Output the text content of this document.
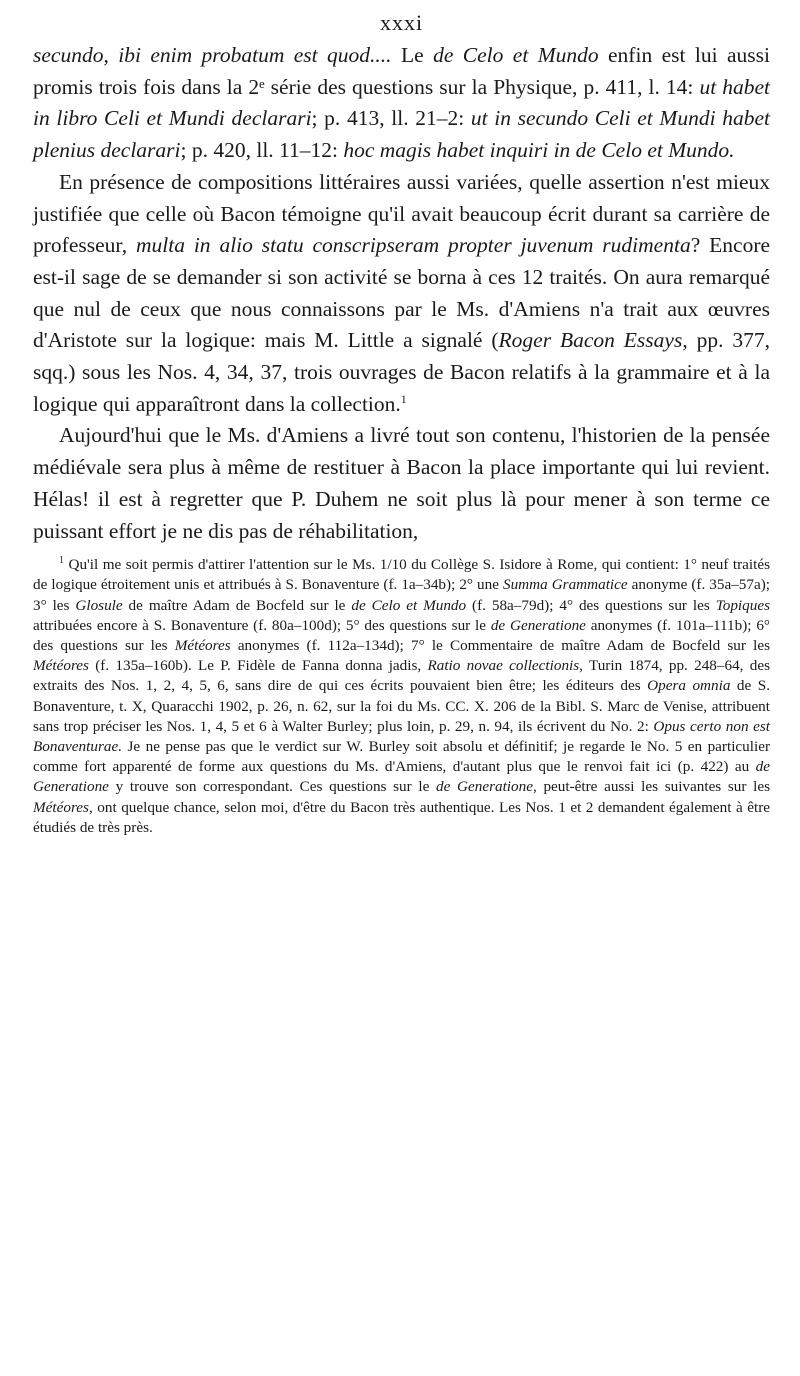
xxxi

secundo, ibi enim probatum est quod.... Le de Celo et Mundo enfin est lui aussi promis trois fois dans la 2ᵉ série des questions sur la Physique, p. 411, l. 14: ut habet in libro Celi et Mundi declarari; p. 413, ll. 21–2: ut in secundo Celi et Mundi habet plenius declarari; p. 420, ll. 11–12: hoc magis habet inquiri in de Celo et Mundo.

En présence de compositions littéraires aussi variées, quelle assertion n'est mieux justifiée que celle où Bacon témoigne qu'il avait beaucoup écrit durant sa carrière de professeur, multa in alio statu conscripseram propter juvenum rudimenta? Encore est-il sage de se demander si son activité se borna à ces 12 traités. On aura remarqué que nul de ceux que nous connaissons par le Ms. d'Amiens n'a trait aux œuvres d'Aristote sur la logique: mais M. Little a signalé (Roger Bacon Essays, pp. 377, sqq.) sous les Nos. 4, 34, 37, trois ouvrages de Bacon relatifs à la grammaire et à la logique qui apparaîtront dans la collection.$^1$

Aujourd'hui que le Ms. d'Amiens a livré tout son contenu, l'historien de la pensée médiévale sera plus à même de restituer à Bacon la place importante qui lui revient. Hélas! il est à regretter que P. Duhem ne soit plus là pour mener à son terme ce puissant effort je ne dis pas de réhabilitation,

$^1$ Qu'il me soit permis d'attirer l'attention sur le Ms. 1/10 du Collège S. Isidore à Rome, qui contient: 1° neuf traités de logique étroitement unis et attribués à S. Bonaventure (f. 1a–34b); 2° une Summa Grammatice anonyme (f. 35a–57a); 3° les Glosule de maître Adam de Bocfeld sur le de Celo et Mundo (f. 58a–79d); 4° des questions sur les Topiques attribuées encore à S. Bonaventure (f. 80a–100d); 5° des questions sur le de Generatione anonymes (f. 101a–111b); 6° des questions sur les Météores anonymes (f. 112a–134d); 7° le Commentaire de maître Adam de Bocfeld sur les Météores (f. 135a–160b). Le P. Fidèle de Fanna donna jadis, Ratio novae collectionis, Turin 1874, pp. 248–64, des extraits des Nos. 1, 2, 4, 5, 6, sans dire de qui ces écrits pouvaient bien être; les éditeurs des Opera omnia de S. Bonaventure, t. X, Quaracchi 1902, p. 26, n. 62, sur la foi du Ms. CC. X. 206 de la Bibl. S. Marc de Venise, attribuent sans trop préciser les Nos. 1, 4, 5 et 6 à Walter Burley; plus loin, p. 29, n. 94, ils écrivent du No. 2: Opus certo non est Bonaventurae. Je ne pense pas que le verdict sur W. Burley soit absolu et définitif; je regarde le No. 5 en particulier comme fort apparenté de forme aux questions du Ms. d'Amiens, d'autant plus que le renvoi fait ici (p. 422) au de Generatione y trouve son correspondant. Ces questions sur le de Generatione, peut-être aussi les suivantes sur les Météores, ont quelque chance, selon moi, d'être du Bacon très authentique. Les Nos. 1 et 2 demandent également à être étudiés de très près.
